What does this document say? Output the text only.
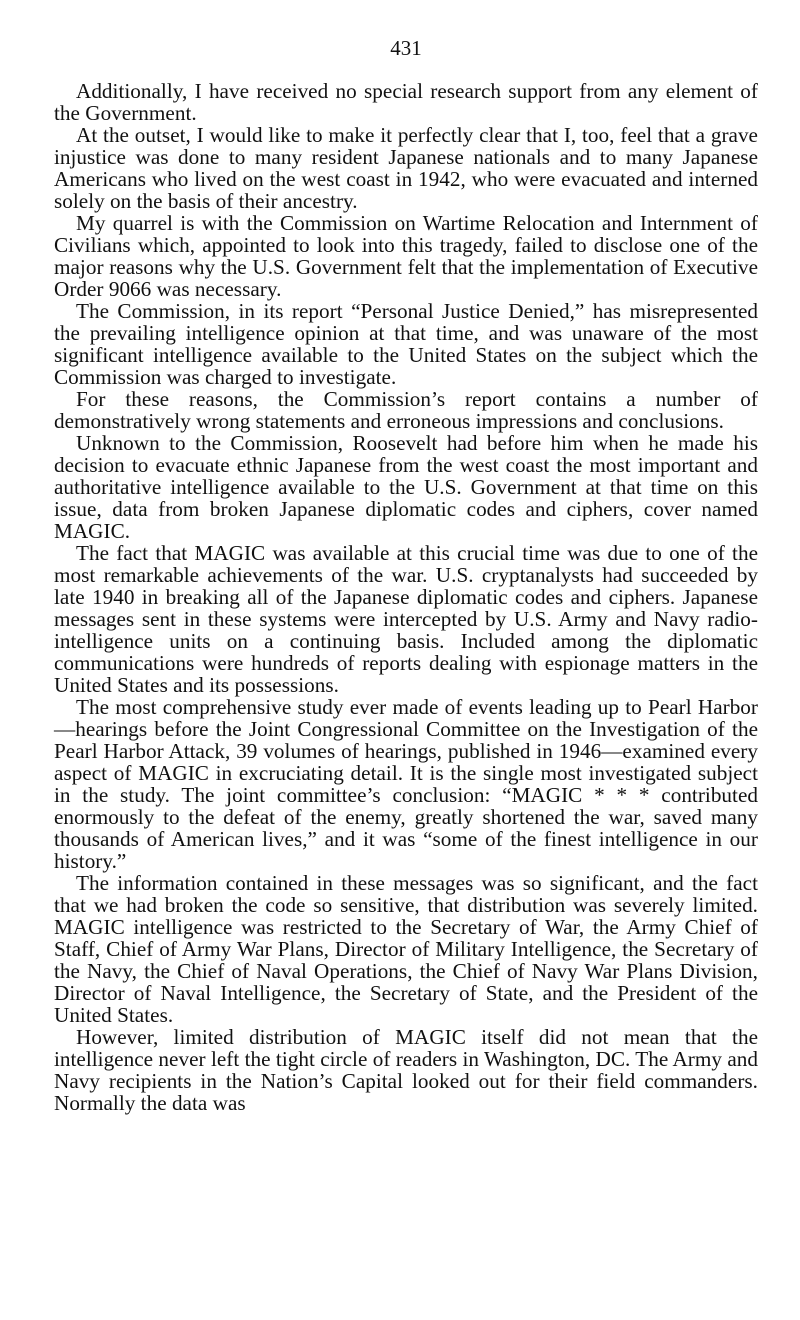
431

Additionally, I have received no special research support from any element of the Government.

At the outset, I would like to make it perfectly clear that I, too, feel that a grave injustice was done to many resident Japanese nationals and to many Japanese Americans who lived on the west coast in 1942, who were evacuated and interned solely on the basis of their ancestry.

My quarrel is with the Commission on Wartime Relocation and Internment of Civilians which, appointed to look into this tragedy, failed to disclose one of the major reasons why the U.S. Government felt that the implementation of Executive Order 9066 was necessary.

The Commission, in its report “Personal Justice Denied,” has misrepresented the prevailing intelligence opinion at that time, and was unaware of the most significant intelligence available to the United States on the subject which the Commission was charged to investigate.

For these reasons, the Commission’s report contains a number of demonstratively wrong statements and erroneous impressions and conclusions.

Unknown to the Commission, Roosevelt had before him when he made his decision to evacuate ethnic Japanese from the west coast the most important and authoritative intelligence available to the U.S. Government at that time on this issue, data from broken Japanese diplomatic codes and ciphers, cover named MAGIC.

The fact that MAGIC was available at this crucial time was due to one of the most remarkable achievements of the war. U.S. cryptanalysts had succeeded by late 1940 in breaking all of the Japanese diplomatic codes and ciphers. Japanese messages sent in these systems were intercepted by U.S. Army and Navy radio-intelligence units on a continuing basis. Included among the diplomatic communications were hundreds of reports dealing with espionage matters in the United States and its possessions.

The most comprehensive study ever made of events leading up to Pearl Harbor—hearings before the Joint Congressional Committee on the Investigation of the Pearl Harbor Attack, 39 volumes of hearings, published in 1946—examined every aspect of MAGIC in excruciating detail. It is the single most investigated subject in the study. The joint committee’s conclusion: “MAGIC * * * contributed enormously to the defeat of the enemy, greatly shortened the war, saved many thousands of American lives,” and it was “some of the finest intelligence in our history.”

The information contained in these messages was so significant, and the fact that we had broken the code so sensitive, that distribution was severely limited. MAGIC intelligence was restricted to the Secretary of War, the Army Chief of Staff, Chief of Army War Plans, Director of Military Intelligence, the Secretary of the Navy, the Chief of Naval Operations, the Chief of Navy War Plans Division, Director of Naval Intelligence, the Secretary of State, and the President of the United States.

However, limited distribution of MAGIC itself did not mean that the intelligence never left the tight circle of readers in Washington, DC. The Army and Navy recipients in the Nation’s Capital looked out for their field commanders. Normally the data was
